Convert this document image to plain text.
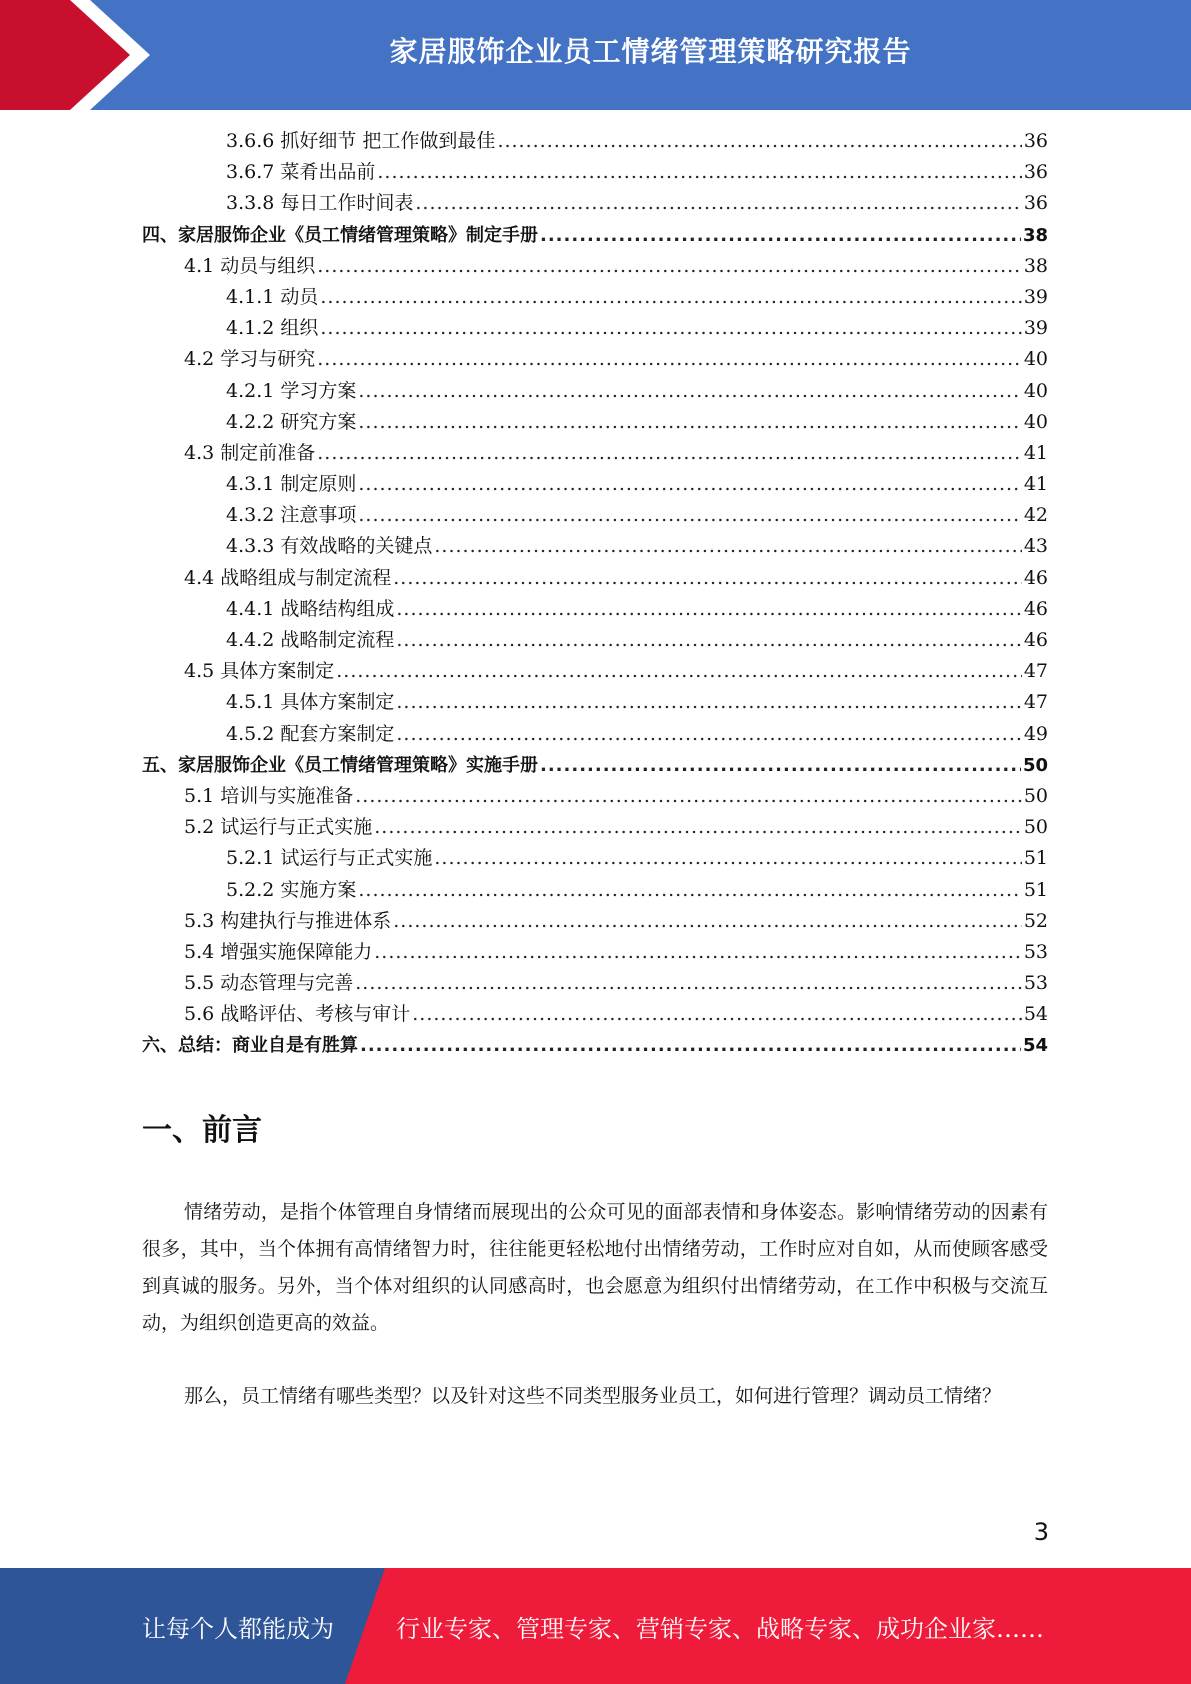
家居服饰企业员工情绪管理策略研究报告
3.6.6 抓好细节 把工作做到最佳 .....	36
3.6.7 菜肴出品前 .....	36
3.3.8 每日工作时间表 .....	36
四、家居服饰企业《员工情绪管理策略》制定手册 .....	38
4.1 动员与组织 .....	38
4.1.1 动员 .....	39
4.1.2 组织 .....	39
4.2 学习与研究 .....	40
4.2.1 学习方案 .....	40
4.2.2 研究方案 .....	40
4.3 制定前准备 .....	41
4.3.1 制定原则 .....	41
4.3.2 注意事项 .....	42
4.3.3 有效战略的关键点 .....	43
4.4 战略组成与制定流程 .....	46
4.4.1 战略结构组成 .....	46
4.4.2 战略制定流程 .....	46
4.5 具体方案制定 .....	47
4.5.1 具体方案制定 .....	47
4.5.2 配套方案制定 .....	49
五、家居服饰企业《员工情绪管理策略》实施手册 .....	50
5.1 培训与实施准备 .....	50
5.2 试运行与正式实施 .....	50
5.2.1 试运行与正式实施 .....	51
5.2.2 实施方案 .....	51
5.3 构建执行与推进体系 .....	52
5.4 增强实施保障能力 .....	53
5.5 动态管理与完善 .....	53
5.6 战略评估、考核与审计 .....	54
六、总结：商业自是有胜算 .....	54
一、前言

情绪劳动，是指个体管理自身情绪而展现出的公众可见的面部表情和身体姿态。影响情绪劳动的因素有很多，其中，当个体拥有高情绪智力时，往往能更轻松地付出情绪劳动，工作时应对自如，从而使顾客感受到真诚的服务。另外，当个体对组织的认同感高时，也会愿意为组织付出情绪劳动，在工作中积极与交流互动，为组织创造更高的效益。

那么，员工情绪有哪些类型？以及针对这些不同类型服务业员工，如何进行管理？调动员工情绪？

3
让每个人都能成为	行业专家、管理专家、营销专家、战略专家、成功企业家……
